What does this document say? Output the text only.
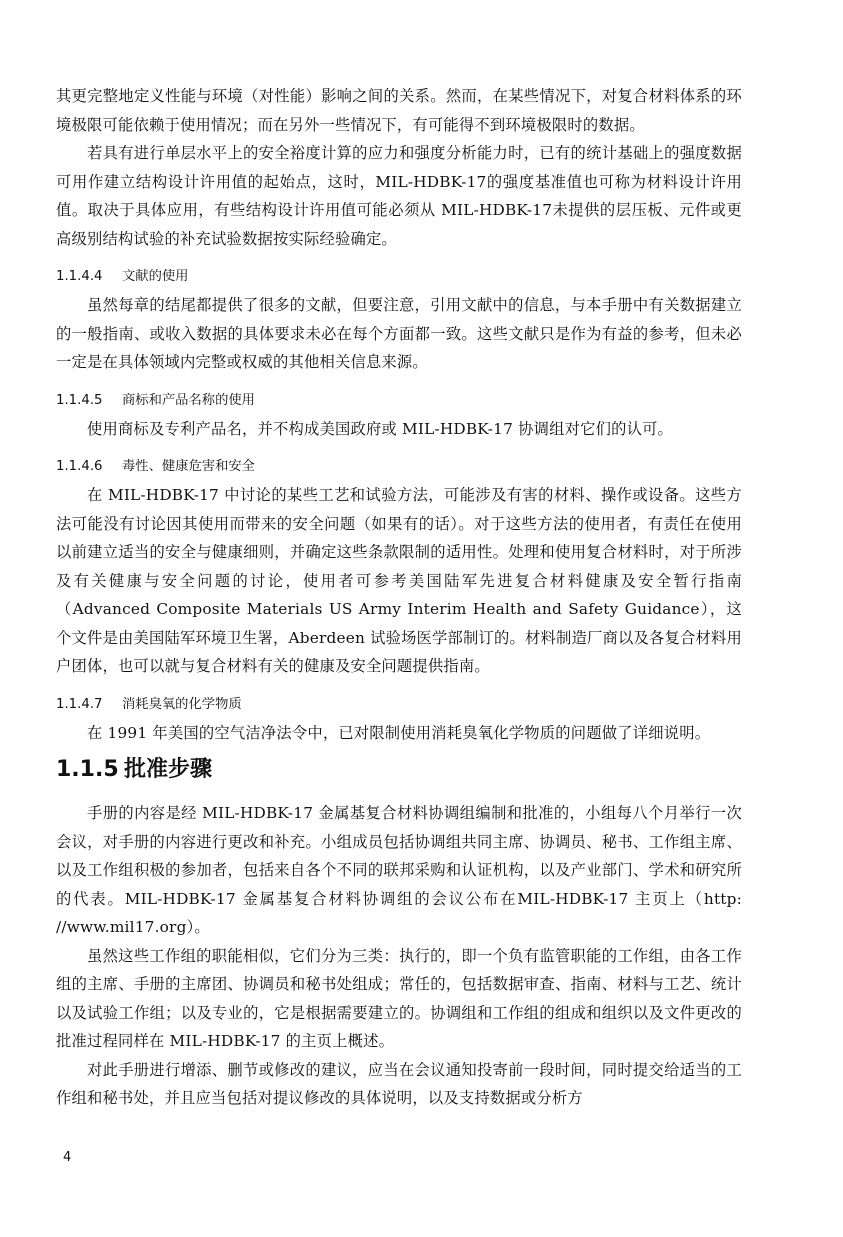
其更完整地定义性能与环境（对性能）影响之间的关系。然而，在某些情况下，对复合材料体系的环境极限可能依赖于使用情况；而在另外一些情况下，有可能得不到环境极限时的数据。

若具有进行单层水平上的安全裕度计算的应力和强度分析能力时，已有的统计基础上的强度数据可用作建立结构设计许用值的起始点，这时，MIL-HDBK-17的强度基准值也可称为材料设计许用值。取决于具体应用，有些结构设计许用值可能必须从 MIL-HDBK-17未提供的层压板、元件或更高级别结构试验的补充试验数据按实际经验确定。

1.1.4.4 文献的使用

虽然每章的结尾都提供了很多的文献，但要注意，引用文献中的信息，与本手册中有关数据建立的一般指南、或收入数据的具体要求未必在每个方面都一致。这些文献只是作为有益的参考，但未必一定是在具体领域内完整或权威的其他相关信息来源。

1.1.4.5 商标和产品名称的使用

使用商标及专利产品名，并不构成美国政府或 MIL-HDBK-17 协调组对它们的认可。

1.1.4.6 毒性、健康危害和安全

在 MIL-HDBK-17 中讨论的某些工艺和试验方法，可能涉及有害的材料、操作或设备。这些方法可能没有讨论因其使用而带来的安全问题（如果有的话）。对于这些方法的使用者，有责任在使用以前建立适当的安全与健康细则，并确定这些条款限制的适用性。处理和使用复合材料时，对于所涉及有关健康与安全问题的讨论，使用者可参考美国陆军先进复合材料健康及安全暂行指南（Advanced Composite Materials US Army Interim Health and Safety Guidance），这个文件是由美国陆军环境卫生署，Aberdeen 试验场医学部制订的。材料制造厂商以及各复合材料用户团体，也可以就与复合材料有关的健康及安全问题提供指南。

1.1.4.7 消耗臭氧的化学物质

在 1991 年美国的空气洁净法令中，已对限制使用消耗臭氧化学物质的问题做了详细说明。

1.1.5 批准步骤

手册的内容是经 MIL-HDBK-17 金属基复合材料协调组编制和批准的，小组每八个月举行一次会议，对手册的内容进行更改和补充。小组成员包括协调组共同主席、协调员、秘书、工作组主席、以及工作组积极的参加者，包括来自各个不同的联邦采购和认证机构，以及产业部门、学术和研究所的代表。MIL-HDBK-17 金属基复合材料协调组的会议公布在MIL-HDBK-17 主页上（http: //www.mil17.org）。

虽然这些工作组的职能相似，它们分为三类：执行的，即一个负有监管职能的工作组，由各工作组的主席、手册的主席团、协调员和秘书处组成；常任的，包括数据审查、指南、材料与工艺、统计以及试验工作组；以及专业的，它是根据需要建立的。协调组和工作组的组成和组织以及文件更改的批准过程同样在 MIL-HDBK-17 的主页上概述。

对此手册进行增添、删节或修改的建议，应当在会议通知投寄前一段时间，同时提交给适当的工作组和秘书处，并且应当包括对提议修改的具体说明，以及支持数据或分析方

4
